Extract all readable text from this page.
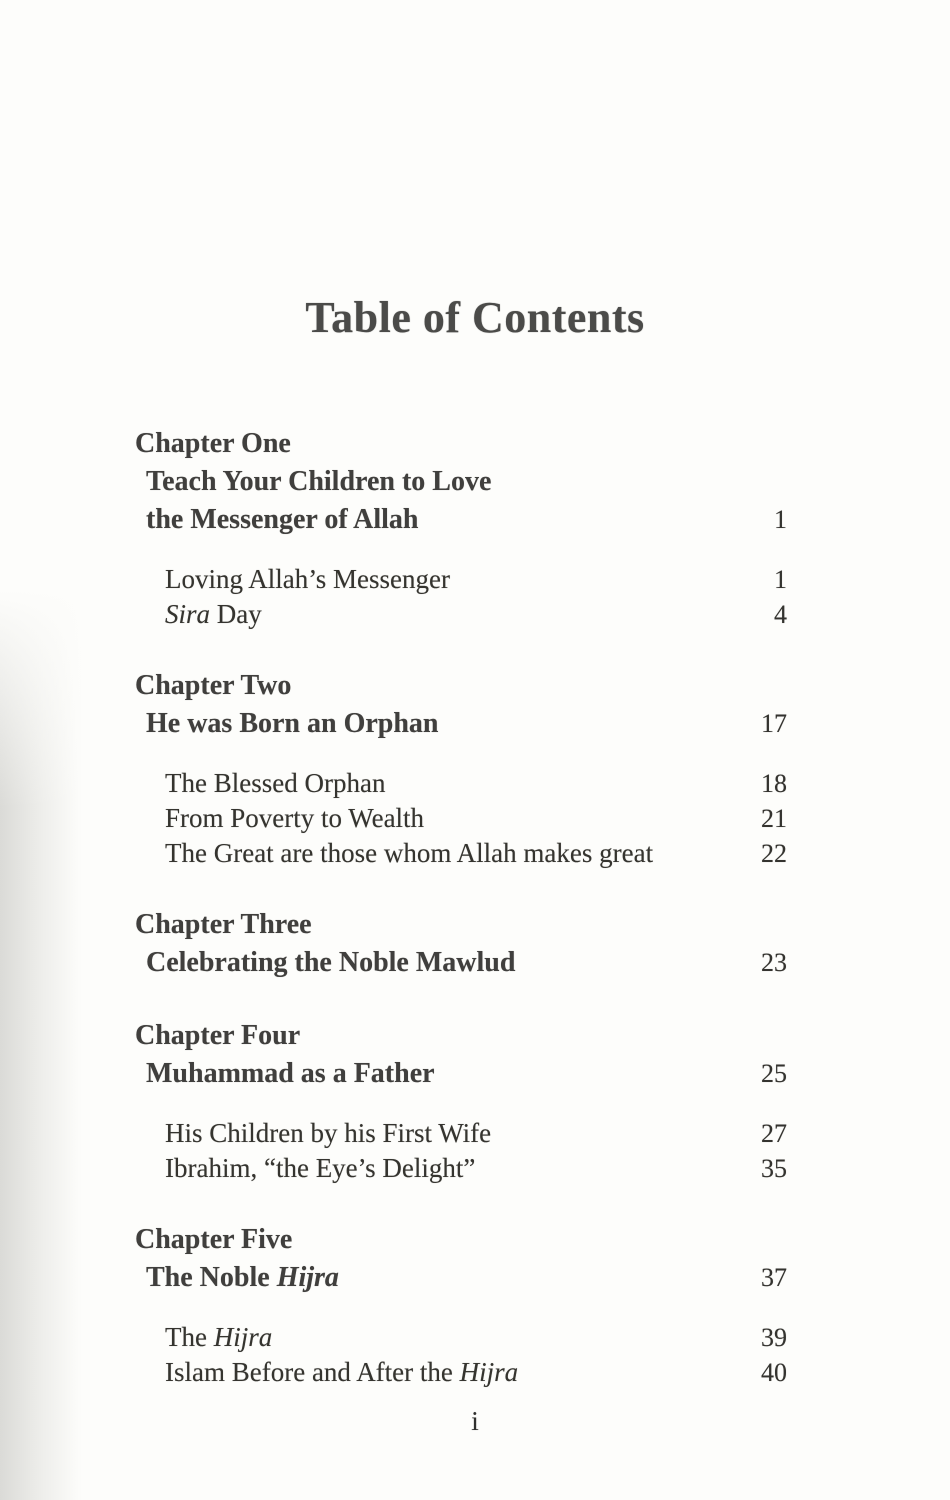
Table of Contents
Chapter One
Teach Your Children to Love
the Messenger of Allah	1
Loving Allah’s Messenger	1
Sira Day	4
Chapter Two
He was Born an Orphan	17
The Blessed Orphan	18
From Poverty to Wealth	21
The Great are those whom Allah makes great	22
Chapter Three
Celebrating the Noble Mawlud	23
Chapter Four
Muhammad as a Father	25
His Children by his First Wife	27
Ibrahim, “the Eye’s Delight”	35
Chapter Five
The Noble Hijra	37
The Hijra	39
Islam Before and After the Hijra	40
i
